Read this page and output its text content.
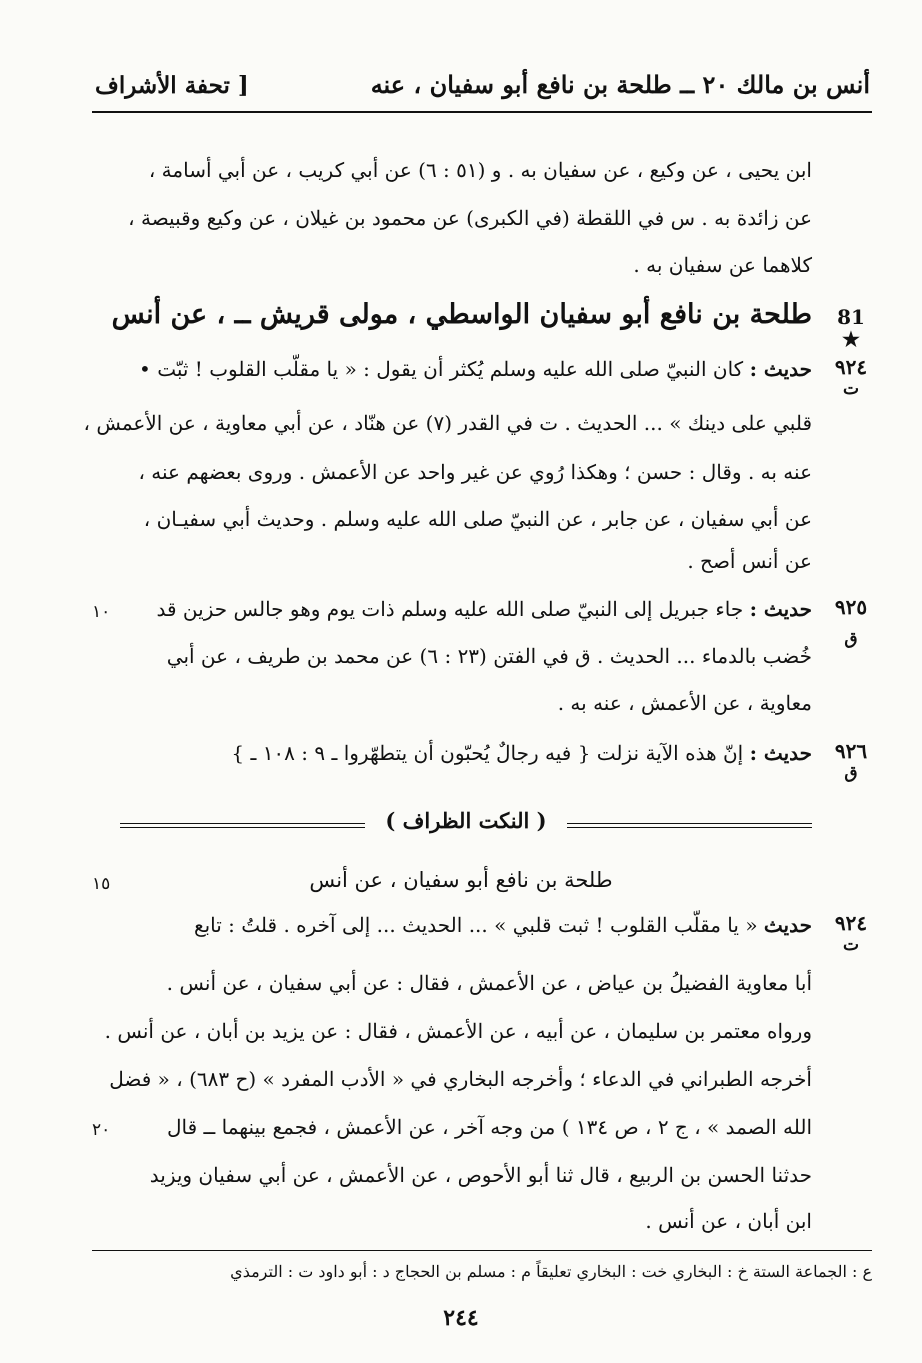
أنس بن مالك ٢٠ ــ طلحة بن نافع أبو سفيان ، عنه
[ تحفة الأشراف
ابن يحيى ، عن وكيع ، عن سفيان به . و (٥١ : ٦) عن أبي كريب ، عن أبي أسامة ،
عن زائدة به . س في اللقطة (في الكبرى) عن محمود بن غيلان ، عن وكيع وقبيصة ،
كلاهما عن سفيان به .
81 ★
طلحة بن نافع أبو سفيان الواسطي ، مولى قريش ــ ، عن أنس
٩٢٤
ت
حديث : كان النبيّ صلى الله عليه وسلم يُكثر أن يقول : « يا مقلّب القلوب ! ثبّت •
قلبي على دينك » ... الحديث . ت في القدر (٧) عن هنّاد ، عن أبي معاوية ، عن الأعمش ،
عنه به . وقال : حسن ؛ وهكذا رُوي عن غير واحد عن الأعمش . وروى بعضهم عنه ،
عن أبي سفيان ، عن جابر ، عن النبيّ صلى الله عليه وسلم . وحديث أبي سفيـان ،
عن أنس أصح .
٩٢٥
ق
١٠	حديث : جاء جبريل إلى النبيّ صلى الله عليه وسلم ذات يوم وهو جالس حزين قد
خُضب بالدماء ... الحديث . ق في الفتن (٢٣ : ٦) عن محمد بن طريف ، عن أبي
معاوية ، عن الأعمش ، عنه به .
٩٢٦
ق
حديث : إنّ هذه الآية نزلت { فيه رجالٌ يُحبّون أن يتطهّروا ـ ٩ : ١٠٨ ـ }
( النكت الظراف )
طلحة بن نافع أبو سفيان ، عن أنس
١٥
٩٢٤
ت
حديث « يا مقلّب القلوب ! ثبت قلبي » ... الحديث ... إلى آخره . قلتُ : تابع
أبا معاوية الفضيلُ بن عياض ، عن الأعمش ، فقال : عن أبي سفيان ، عن أنس .
ورواه معتمر بن سليمان ، عن أبيه ، عن الأعمش ، فقال : عن يزيد بن أبان ، عن أنس .
أخرجه الطبراني في الدعاء ؛ وأخرجه البخاري في « الأدب المفرد » (ح ٦٨٣) ، « فضل
الله الصمد » ، ج ٢ ، ص ١٣٤ ) من وجه آخر ، عن الأعمش ، فجمع بينهما ــ قال
٢٠
حدثنا الحسن بن الربيع ، قال ثنا أبو الأحوص ، عن الأعمش ، عن أبي سفيان ويزيد
ابن أبان ، عن أنس .
ع : الجماعة الستة خ : البخاري خت : البخاري تعليقاً م : مسلم بن الحجاج د : أبو داود ت : الترمذي
٢٤٤
